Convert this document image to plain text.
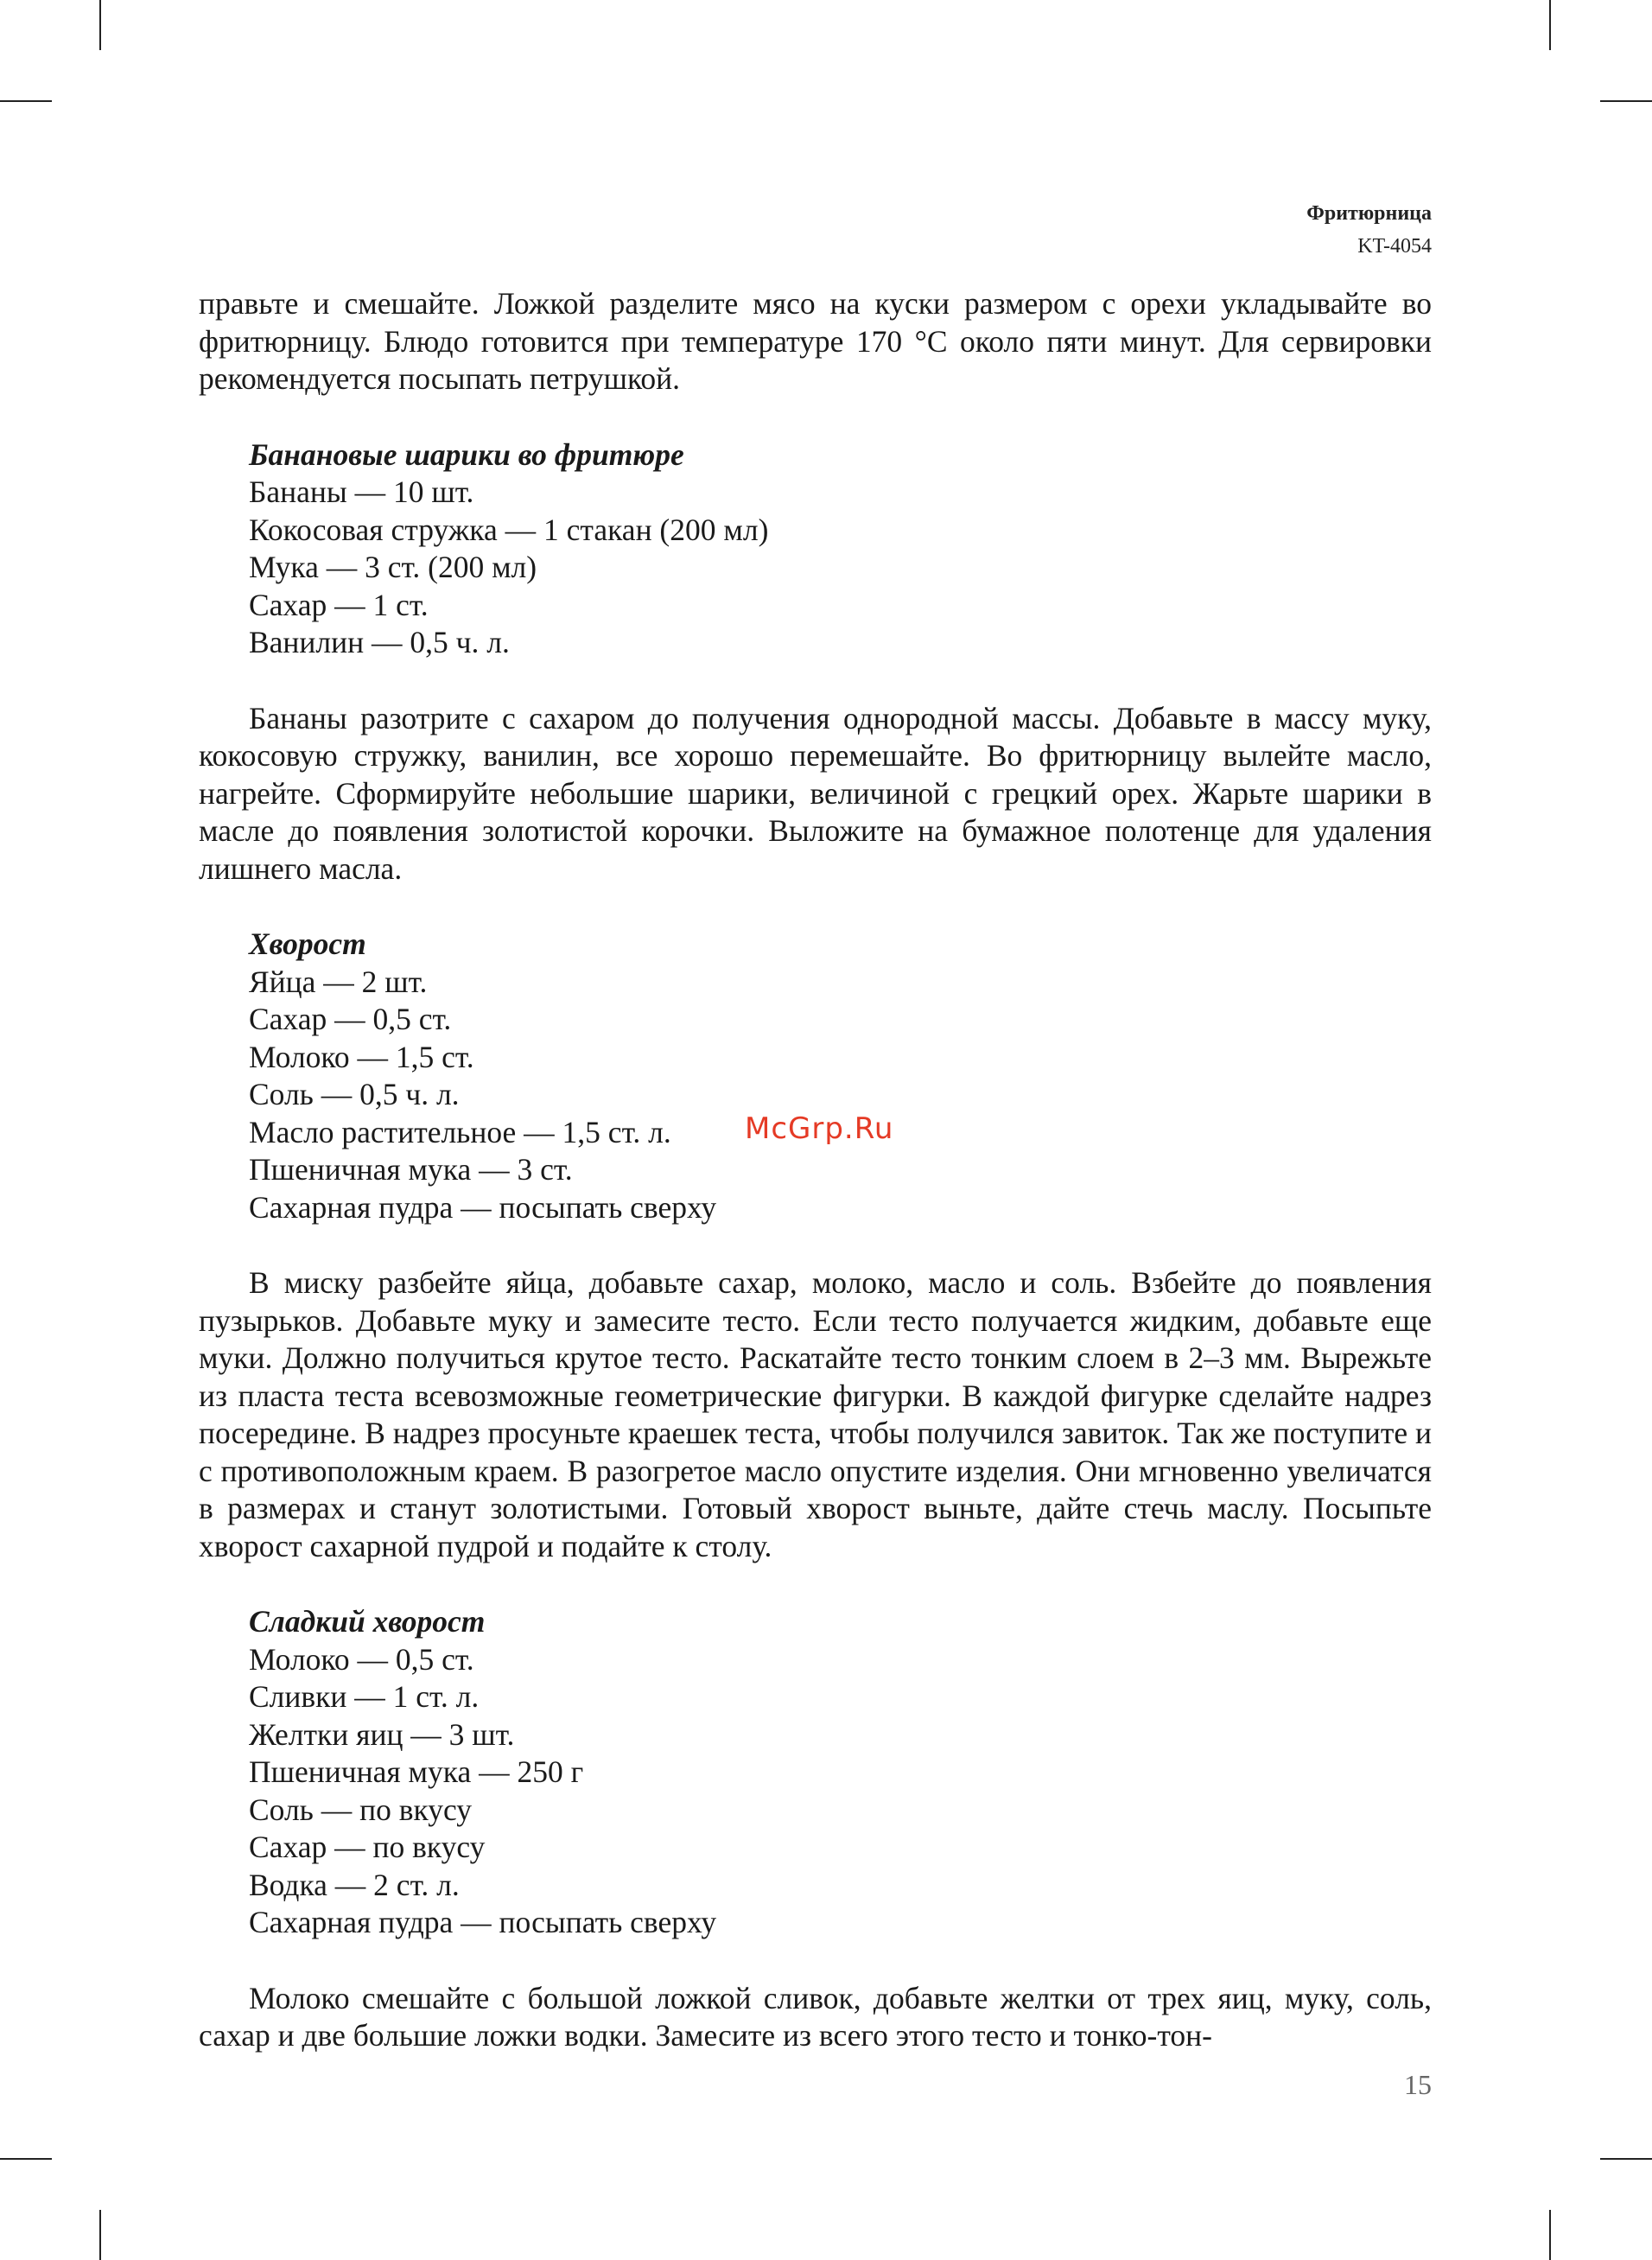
Фритюрница
KT-4054

правьте и смешайте. Ложкой разделите мясо на куски размером с орехи укладывайте во фритюрницу. Блюдо готовится при температуре 170 °С около пяти минут. Для сервировки рекомендуется посыпать петрушкой.

Банановые шарики во фритюре
Бананы — 10 шт.
Кокосовая стружка — 1 стакан (200 мл)
Мука — 3 ст. (200 мл)
Сахар — 1 ст.
Ванилин — 0,5 ч. л.

Бананы разотрите с сахаром до получения однородной массы. Добавьте в массу муку, кокосовую стружку, ванилин, все хорошо перемешайте. Во фритюрницу вылейте масло, нагрейте. Сформируйте небольшие шарики, величиной с грецкий орех. Жарьте шарики в масле до появления золотистой корочки. Выложите на бумажное полотенце для удаления лишнего масла.

Хворост
Яйца — 2 шт.
Сахар — 0,5 ст.
Молоко — 1,5 ст.
Соль — 0,5 ч. л.
Масло растительное — 1,5 ст. л.
Пшеничная мука — 3 ст.
Сахарная пудра — посыпать сверху

В миску разбейте яйца, добавьте сахар, молоко, масло и соль. Взбейте до появления пузырьков. Добавьте муку и замесите тесто. Если тесто получается жидким, добавьте еще муки. Должно получиться крутое тесто. Раскатайте тесто тонким слоем в 2–3 мм. Вырежьте из пласта теста всевозможные геометрические фигурки. В каждой фигурке сделайте надрез посередине. В надрез просуньте краешек теста, чтобы получился завиток. Так же поступите и с противоположным краем. В разогретое масло опустите изделия. Они мгновенно увеличатся в размерах и станут золотистыми. Готовый хворост выньте, дайте стечь маслу. Посыпьте хворост сахарной пудрой и подайте к столу.

Сладкий хворост
Молоко — 0,5 ст.
Сливки — 1 ст. л.
Желтки яиц — 3 шт.
Пшеничная мука — 250 г
Соль — по вкусу
Сахар — по вкусу
Водка — 2 ст. л.
Сахарная пудра — посыпать сверху

Молоко смешайте с большой ложкой сливок, добавьте желтки от трех яиц, муку, соль, сахар и две большие ложки водки. Замесите из всего этого тесто и тонко-тон-

McGrp.Ru
15
